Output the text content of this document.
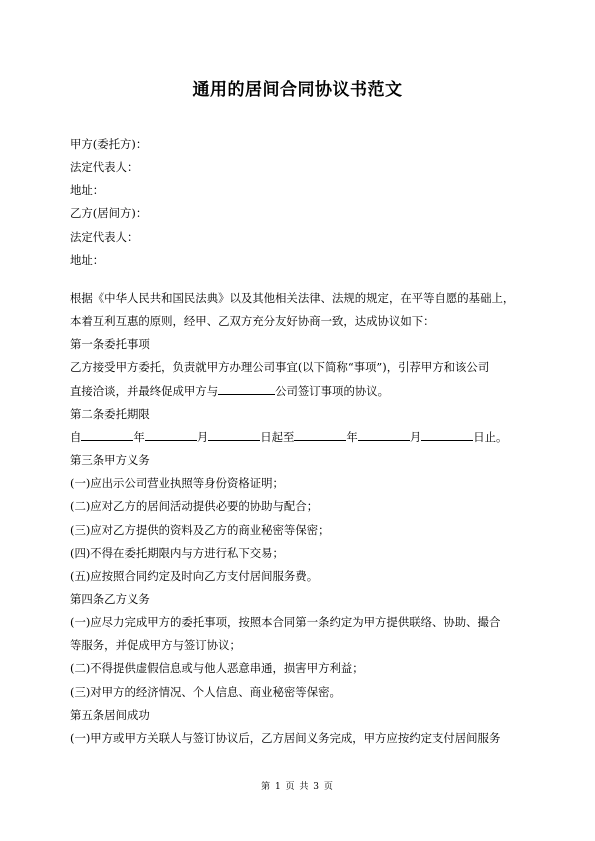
通用的居间合同协议书范文
甲方(委托方)：
法定代表人：
地址：
乙方(居间方)：
法定代表人：
地址：
根据《中华人民共和国民法典》以及其他相关法律、法规的规定，在平等自愿的基础上，
本着互利互惠的原则，经甲、乙双方充分友好协商一致，达成协议如下：
第一条委托事项
乙方接受甲方委托，负责就甲方办理公司事宜(以下简称“事项”)，引荐甲方和该公司
直接洽谈，并最终促成甲方与	公司签订事项的协议。
第二条委托期限
自	年	月	日起至	年	月	日止。
第三条甲方义务
(一)应出示公司营业执照等身份资格证明；
(二)应对乙方的居间活动提供必要的协助与配合；
(三)应对乙方提供的资料及乙方的商业秘密等保密；
(四)不得在委托期限内与方进行私下交易；
(五)应按照合同约定及时向乙方支付居间服务费。
第四条乙方义务
(一)应尽力完成甲方的委托事项，按照本合同第一条约定为甲方提供联络、协助、撮合
等服务，并促成甲方与签订协议；
(二)不得提供虚假信息或与他人恶意串通，损害甲方利益；
(三)对甲方的经济情况、个人信息、商业秘密等保密。
第五条居间成功
(一)甲方或甲方关联人与签订协议后，乙方居间义务完成，甲方应按约定支付居间服务
第 1 页 共 3 页
